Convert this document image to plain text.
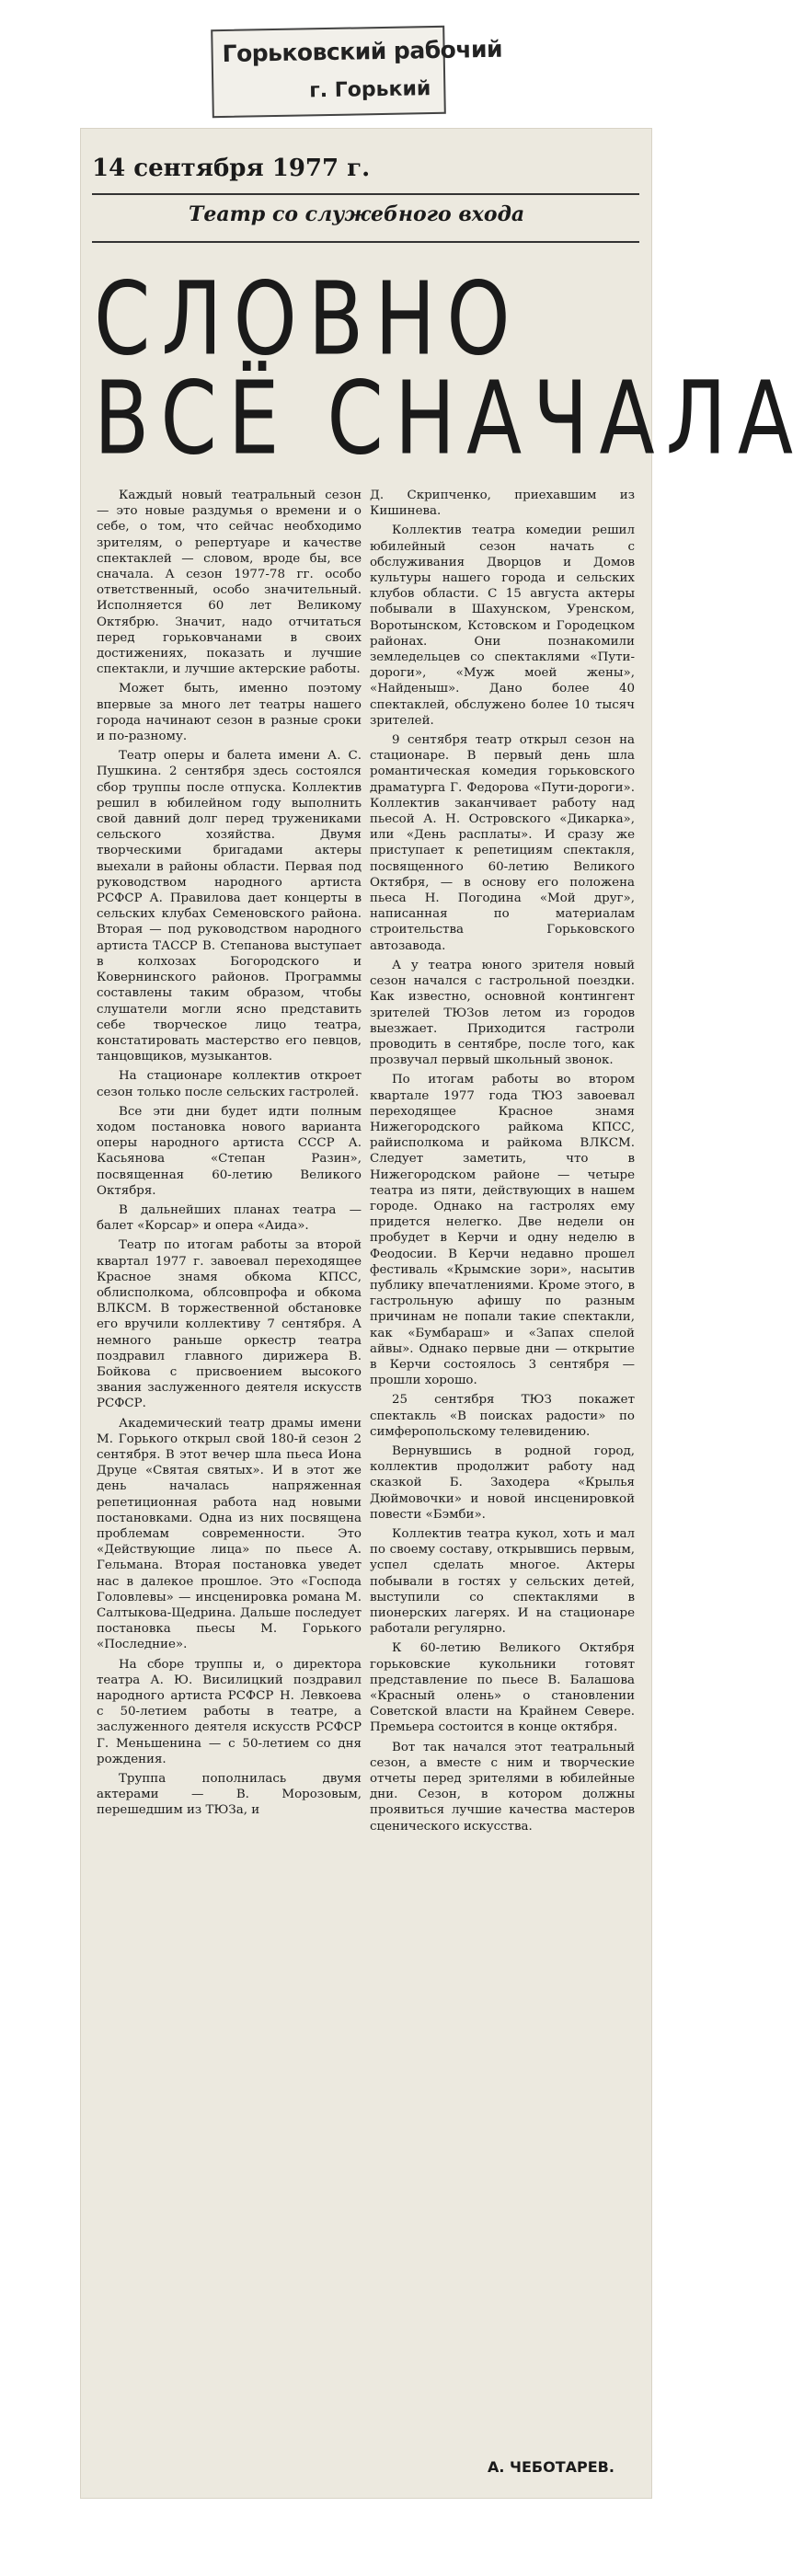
Горьковский рабочий
г. Горький
14 сентября 1977 г.
Театр со служебного входа
СЛОВНО
ВСЁ СНАЧАЛА

Каждый новый театральный сезон — это новые раздумья о времени и о себе, о том, что сейчас необходимо зрителям, о репертуаре и качестве спектаклей — словом, вроде бы, все сначала. А сезон 1977-78 гг. особо ответственный, особо значительный. Исполняется 60 лет Великому Октябрю. Значит, надо отчитаться перед горьковчанами в своих достижениях, показать и лучшие спектакли, и лучшие актерские работы.

Может быть, именно поэтому впервые за много лет театры нашего города начинают сезон в разные сроки и по-разному.

Театр оперы и балета имени А. С. Пушкина. 2 сентября здесь состоялся сбор труппы после отпуска. Коллектив решил в юбилейном году выполнить свой давний долг перед тружениками сельского хозяйства. Двумя творческими бригадами актеры выехали в районы области. Первая под руководством народного артиста РСФСР А. Правилова дает концерты в сельских клубах Семеновского района. Вторая — под руководством народного артиста ТАССР В. Степанова выступает в колхозах Богородского и Ковернинского районов. Программы составлены таким образом, чтобы слушатели могли ясно представить себе творческое лицо театра, констатировать мастерство его певцов, танцовщиков, музыкантов.

На стационаре коллектив откроет сезон только после сельских гастролей.

Все эти дни будет идти полным ходом постановка нового варианта оперы народного артиста СССР А. Касьянова «Степан Разин», посвященная 60-летию Великого Октября.

В дальнейших планах театра — балет «Корсар» и опера «Аида».

Театр по итогам работы за второй квартал 1977 г. завоевал переходящее Красное знамя обкома КПСС, облисполкома, облсовпрофа и обкома ВЛКСМ. В торжественной обстановке его вручили коллективу 7 сентября. А немного раньше оркестр театра поздравил главного дирижера В. Бойкова с присвоением высокого звания заслуженного деятеля искусств РСФСР.

Академический театр драмы имени М. Горького открыл свой 180-й сезон 2 сентября. В этот вечер шла пьеса Иона Друце «Святая святых». И в этот же день началась напряженная репетиционная работа над новыми постановками. Одна из них посвящена проблемам современности. Это «Действующие лица» по пьесе А. Гельмана. Вторая постановка уведет нас в далекое прошлое. Это «Господа Головлевы» — инсценировка романа М. Салтыкова-Щедрина. Дальше последует постановка пьесы М. Горького «Последние».

На сборе труппы и, о директора театра А. Ю. Висилицкий поздравил народного артиста РСФСР Н. Левкоева с 50-летием работы в театре, а заслуженного деятеля искусств РСФСР Г. Меньшенина — с 50-летием со дня рождения.

Труппа пополнилась двумя актерами — В. Морозовым, перешедшим из ТЮЗа, и

Д. Скрипченко, приехавшим из Кишинева.

Коллектив театра комедии решил юбилейный сезон начать с обслуживания Дворцов и Домов культуры нашего города и сельских клубов области. С 15 августа актеры побывали в Шахунском, Уренском, Воротынском, Кстовском и Городецком районах. Они познакомили земледельцев со спектаклями «Пути-дороги», «Муж моей жены», «Найденыш». Дано более 40 спектаклей, обслужено более 10 тысяч зрителей.

9 сентября театр открыл сезон на стационаре. В первый день шла романтическая комедия горьковского драматурга Г. Федорова «Пути-дороги». Коллектив заканчивает работу над пьесой А. Н. Островского «Дикарка», или «День расплаты». И сразу же приступает к репетициям спектакля, посвященного 60-летию Великого Октября, — в основу его положена пьеса Н. Погодина «Мой друг», написанная по материалам строительства Горьковского автозавода.

А у театра юного зрителя новый сезон начался с гастрольной поездки. Как известно, основной контингент зрителей ТЮЗов летом из городов выезжает. Приходится гастроли проводить в сентябре, после того, как прозвучал первый школьный звонок.

По итогам работы во втором квартале 1977 года ТЮЗ завоевал переходящее Красное знамя Нижегородского райкома КПСС, райисполкома и райкома ВЛКСМ. Следует заметить, что в Нижегородском районе — четыре театра из пяти, действующих в нашем городе. Однако на гастролях ему придется нелегко. Две недели он пробудет в Керчи и одну неделю в Феодосии. В Керчи недавно прошел фестиваль «Крымские зори», насытив публику впечатлениями. Кроме этого, в гастрольную афишу по разным причинам не попали такие спектакли, как «Бумбараш» и «Запах спелой айвы». Однако первые дни — открытие в Керчи состоялось 3 сентября — прошли хорошо.

25 сентября ТЮЗ покажет спектакль «В поисках радости» по симферопольскому телевидению.

Вернувшись в родной город, коллектив продолжит работу над сказкой Б. Заходера «Крылья Дюймовочки» и новой инсценировкой повести «Бэмби».

Коллектив театра кукол, хоть и мал по своему составу, открывшись первым, успел сделать многое. Актеры побывали в гостях у сельских детей, выступили со спектаклями в пионерских лагерях. И на стационаре работали регулярно.

К 60-летию Великого Октября горьковские кукольники готовят представление по пьесе В. Балашова «Красный олень» о становлении Советской власти на Крайнем Севере. Премьера состоится в конце октября.

Вот так начался этот театральный сезон, а вместе с ним и творческие отчеты перед зрителями в юбилейные дни. Сезон, в котором должны проявиться лучшие качества мастеров сценического искусства.

А. ЧЕБОТАРЕВ.
